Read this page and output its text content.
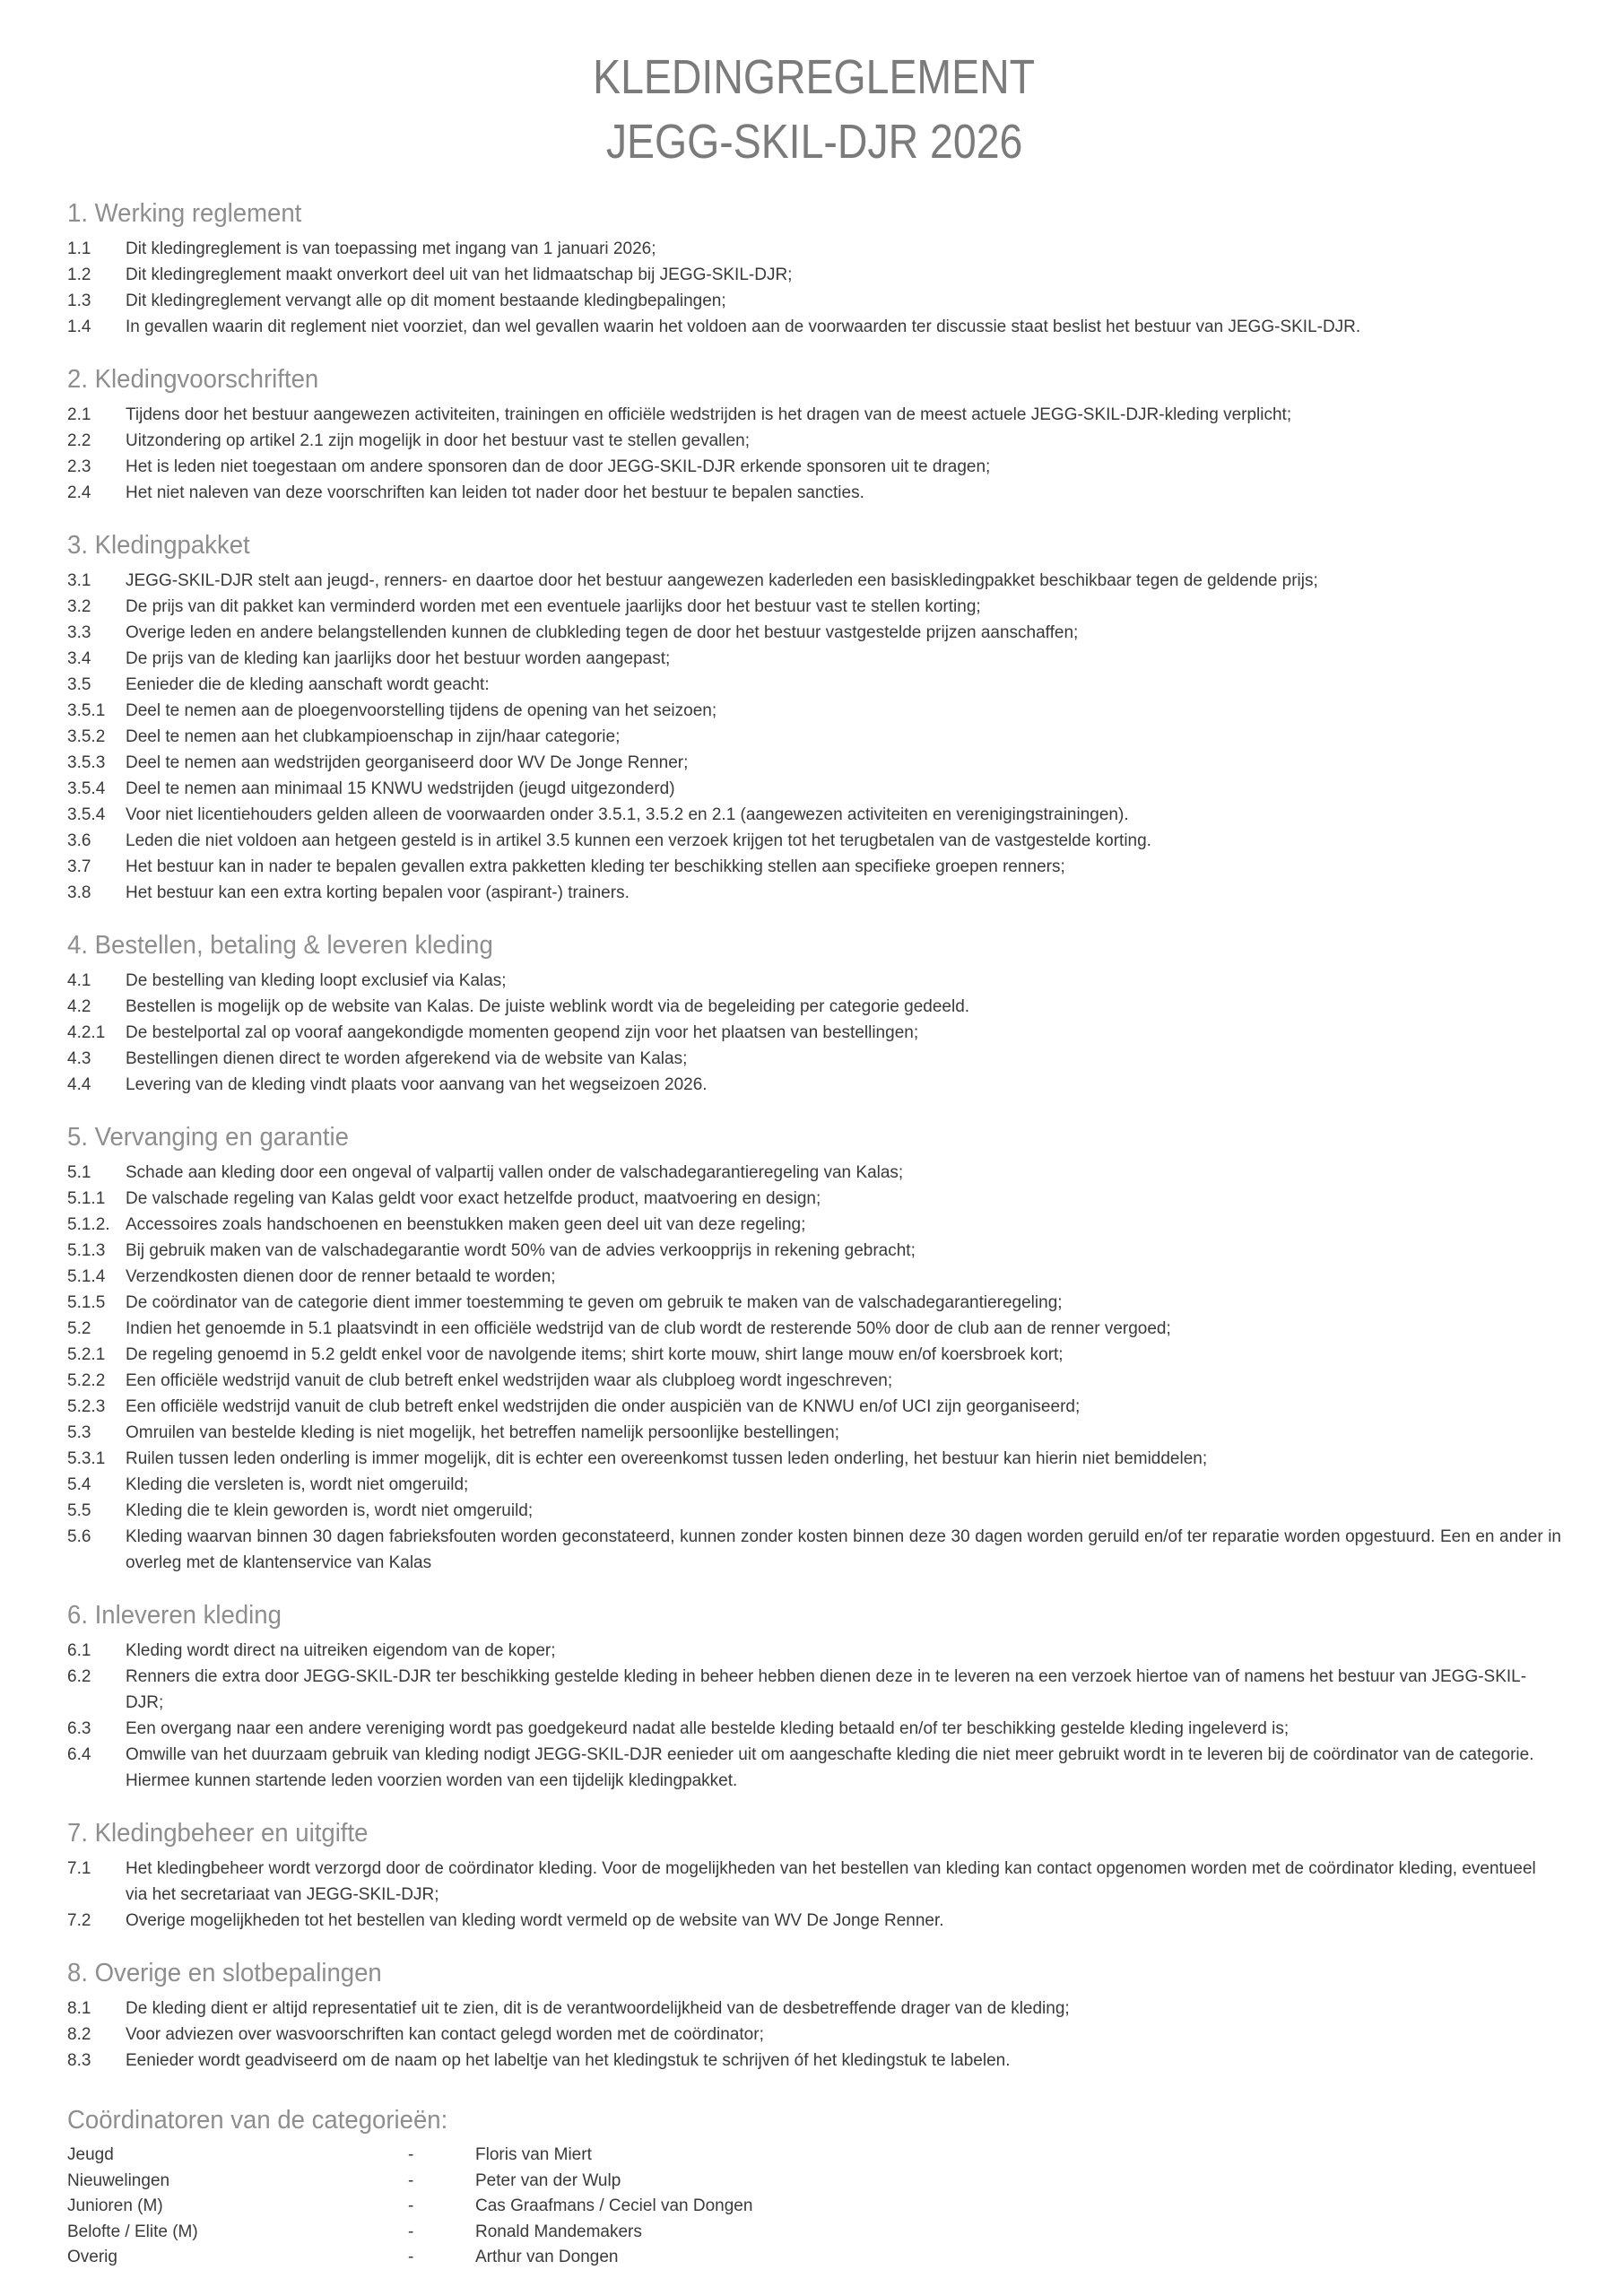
KLEDINGREGLEMENT
JEGG-SKIL-DJR 2026
1. Werking reglement
1.1	Dit kledingreglement is van toepassing met ingang van 1 januari 2026;
1.2	Dit kledingreglement maakt onverkort deel uit van het lidmaatschap bij JEGG-SKIL-DJR;
1.3	Dit kledingreglement vervangt alle op dit moment bestaande kledingbepalingen;
1.4	In gevallen waarin dit reglement niet voorziet, dan wel gevallen waarin het voldoen aan de voorwaarden ter discussie staat beslist het bestuur van JEGG-SKIL-DJR.
2. Kledingvoorschriften
2.1	Tijdens door het bestuur aangewezen activiteiten, trainingen en officiële wedstrijden is het dragen van de meest actuele JEGG-SKIL-DJR-kleding verplicht;
2.2	Uitzondering op artikel 2.1 zijn mogelijk in door het bestuur vast te stellen gevallen;
2.3	Het is leden niet toegestaan om andere sponsoren dan de door JEGG-SKIL-DJR erkende sponsoren uit te dragen;
2.4	Het niet naleven van deze voorschriften kan leiden tot nader door het bestuur te bepalen sancties.
3. Kledingpakket
3.1	JEGG-SKIL-DJR stelt aan jeugd-, renners- en daartoe door het bestuur aangewezen kaderleden een basiskledingpakket beschikbaar tegen de geldende prijs;
3.2	De prijs van dit pakket kan verminderd worden met een eventuele jaarlijks door het bestuur vast te stellen korting;
3.3	Overige leden en andere belangstellenden kunnen de clubkleding tegen de door het bestuur vastgestelde prijzen aanschaffen;
3.4	De prijs van de kleding kan jaarlijks door het bestuur worden aangepast;
3.5	Eenieder die de kleding aanschaft wordt geacht:
3.5.1	Deel te nemen aan de ploegenvoorstelling tijdens de opening van het seizoen;
3.5.2	Deel te nemen aan het clubkampioenschap in zijn/haar categorie;
3.5.3	Deel te nemen aan wedstrijden georganiseerd door WV De Jonge Renner;
3.5.4	Deel te nemen aan minimaal 15 KNWU wedstrijden (jeugd uitgezonderd)
3.5.4	Voor niet licentiehouders gelden alleen de voorwaarden onder 3.5.1, 3.5.2 en 2.1 (aangewezen activiteiten en verenigingstrainingen).
3.6	Leden die niet voldoen aan hetgeen gesteld is in artikel 3.5 kunnen een verzoek krijgen tot het terugbetalen van de vastgestelde korting.
3.7	Het bestuur kan in nader te bepalen gevallen extra pakketten kleding ter beschikking stellen aan specifieke groepen renners;
3.8	Het bestuur kan een extra korting bepalen voor (aspirant-) trainers.
4. Bestellen, betaling & leveren kleding
4.1	De bestelling van kleding loopt exclusief via Kalas;
4.2	Bestellen is mogelijk op de website van Kalas. De juiste weblink wordt via de begeleiding per categorie gedeeld.
4.2.1	De bestelportal zal op vooraf aangekondigde momenten geopend zijn voor het plaatsen van bestellingen;
4.3	Bestellingen dienen direct te worden afgerekend via de website van Kalas;
4.4	Levering van de kleding vindt plaats voor aanvang van het wegseizoen 2026.
5. Vervanging en garantie
5.1	Schade aan kleding door een ongeval of valpartij vallen onder de valschadegarantieregeling van Kalas;
5.1.1	De valschade regeling van Kalas geldt voor exact hetzelfde product, maatvoering en design;
5.1.2. Accessoires zoals handschoenen en beenstukken maken geen deel uit van deze regeling;
5.1.3	Bij gebruik maken van de valschadegarantie wordt 50% van de advies verkoopprijs in rekening gebracht;
5.1.4	Verzendkosten dienen door de renner betaald te worden;
5.1.5	De coördinator van de categorie dient immer toestemming te geven om gebruik te maken van de valschadegarantieregeling;
5.2	Indien het genoemde in 5.1 plaatsvindt in een officiële wedstrijd van de club wordt de resterende 50% door de club aan de renner vergoed;
5.2.1	De regeling genoemd in 5.2 geldt enkel voor de navolgende items; shirt korte mouw, shirt lange mouw en/of koersbroek kort;
5.2.2	Een officiële wedstrijd vanuit de club betreft enkel wedstrijden waar als clubploeg wordt ingeschreven;
5.2.3	Een officiële wedstrijd vanuit de club betreft enkel wedstrijden die onder auspiciën van de KNWU en/of UCI zijn georganiseerd;
5.3	Omruilen van bestelde kleding is niet mogelijk, het betreffen namelijk persoonlijke bestellingen;
5.3.1	Ruilen tussen leden onderling is immer mogelijk, dit is echter een overeenkomst tussen leden onderling, het bestuur kan hierin niet bemiddelen;
5.4	Kleding die versleten is, wordt niet omgeruild;
5.5	Kleding die te klein geworden is, wordt niet omgeruild;
5.6	Kleding waarvan binnen 30 dagen fabrieksfouten worden geconstateerd, kunnen zonder kosten binnen deze 30 dagen worden geruild en/of ter reparatie worden opgestuurd. Een en ander in overleg met de klantenservice van Kalas
6. Inleveren kleding
6.1	Kleding wordt direct na uitreiken eigendom van de koper;
6.2	Renners die extra door JEGG-SKIL-DJR ter beschikking gestelde kleding in beheer hebben dienen deze in te leveren na een verzoek hiertoe van of namens het bestuur van JEGG-SKIL-DJR;
6.3	Een overgang naar een andere vereniging wordt pas goedgekeurd nadat alle bestelde kleding betaald en/of ter beschikking gestelde kleding ingeleverd is;
6.4	Omwille van het duurzaam gebruik van kleding nodigt JEGG-SKIL-DJR eenieder uit om aangeschafte kleding die niet meer gebruikt wordt in te leveren bij de coördinator van de categorie. Hiermee kunnen startende leden voorzien worden van een tijdelijk kledingpakket.
7. Kledingbeheer en uitgifte
7.1	Het kledingbeheer wordt verzorgd door de coördinator kleding. Voor de mogelijkheden van het bestellen van kleding kan contact opgenomen worden met de coördinator kleding, eventueel via het secretariaat van JEGG-SKIL-DJR;
7.2	Overige mogelijkheden tot het bestellen van kleding wordt vermeld op de website van WV De Jonge Renner.
8. Overige en slotbepalingen
8.1	De kleding dient er altijd representatief uit te zien, dit is de verantwoordelijkheid van de desbetreffende drager van de kleding;
8.2	Voor adviezen over wasvoorschriften kan contact gelegd worden met de coördinator;
8.3	Eenieder wordt geadviseerd om de naam op het labeltje van het kledingstuk te schrijven óf het kledingstuk te labelen.
Coördinatoren van de categorieën:
Jeugd	-	Floris van Miert
Nieuwelingen	-	Peter van der Wulp
Junioren (M)	-	Cas Graafmans / Ceciel van Dongen
Belofte / Elite (M)	-	Ronald Mandemakers
Overig	-	Arthur van Dongen
